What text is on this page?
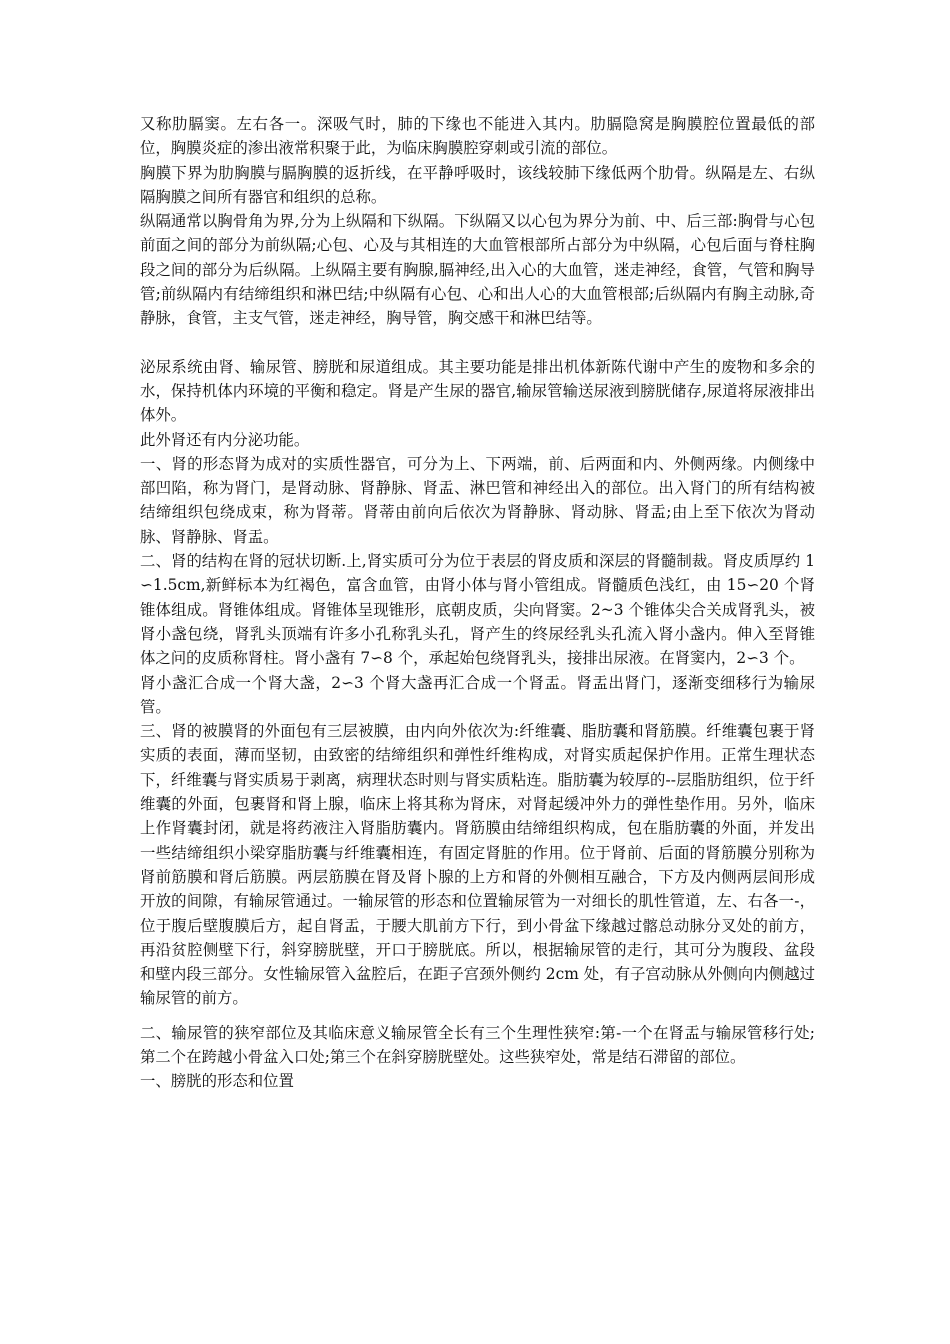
又称肋膈窦。左右各一。深吸气时，肺的下缘也不能进入其内。肋膈隐窝是胸膜腔位置最低的部位，胸膜炎症的渗出液常积聚于此，为临床胸膜腔穿刺或引流的部位。

胸膜下界为肋胸膜与膈胸膜的返折线，在平静呼吸时，该线较肺下缘低两个肋骨。纵隔是左、右纵隔胸膜之间所有器官和组织的总称。

纵隔通常以胸骨角为界,分为上纵隔和下纵隔。下纵隔又以心包为界分为前、中、后三部:胸骨与心包前面之间的部分为前纵隔;心包、心及与其相连的大血管根部所占部分为中纵隔，心包后面与脊柱胸段之间的部分为后纵隔。上纵隔主要有胸腺,膈神经,出入心的大血管，迷走神经，食管，气管和胸导管;前纵隔内有结缔组织和淋巴结;中纵隔有心包、心和出人心的大血管根部;后纵隔内有胸主动脉,奇静脉，食管，主支气管，迷走神经，胸导管，胸交感干和淋巴结等。

泌尿系统由肾、输尿管、膀胱和尿道组成。其主要功能是排出机体新陈代谢中产生的废物和多余的水，保持机体内环境的平衡和稳定。肾是产生尿的器官,输尿管输送尿液到膀胱储存,尿道将尿液排出体外。

此外肾还有内分泌功能。

一、肾的形态肾为成对的实质性器官，可分为上、下两端，前、后两面和内、外侧两缘。内侧缘中部凹陷，称为肾门，是肾动脉、肾静脉、肾盂、淋巴管和神经出入的部位。出入肾门的所有结构被结缔组织包绕成束，称为肾蒂。肾蒂由前向后依次为肾静脉、肾动脉、肾盂;由上至下依次为肾动脉、肾静脉、肾盂。

二、肾的结构在肾的冠状切断.上,肾实质可分为位于表层的肾皮质和深层的肾髓制裁。肾皮质厚约 1∽1.5cm,新鲜标本为红褐色，富含血管，由肾小体与肾小管组成。肾髓质色浅红，由 15∽20 个肾锥体组成。肾锥体组成。肾锥体呈现锥形，底朝皮质，尖向肾窦。2~3 个锥体尖合关成肾乳头，被肾小盏包绕，肾乳头顶端有许多小孔称乳头孔，肾产生的终尿经乳头孔流入肾小盏内。伸入至肾锥体之问的皮质称肾柱。肾小盏有 7∽8 个，承起始包绕肾乳头，接排出尿液。在肾窦内，2∽3 个。

肾小盏汇合成一个肾大盏，2∽3 个肾大盏再汇合成一个肾盂。肾盂出肾门，逐渐变细移行为输尿管。

三、肾的被膜肾的外面包有三层被膜，由内向外依次为:纤维囊、脂肪囊和肾筋膜。纤维囊包裹于肾实质的表面，薄而坚韧，由致密的结缔组织和弹性纤维构成，对肾实质起保护作用。正常生理状态下，纤维囊与肾实质易于剥离，病理状态时则与肾实质粘连。脂肪囊为较厚的--层脂肪组织，位于纤维囊的外面，包裹肾和肾上腺，临床上将其称为肾床，对肾起缓冲外力的弹性垫作用。另外，临床上作肾囊封闭，就是将药液注入肾脂肪囊内。肾筋膜由结缔组织构成，包在脂肪囊的外面，并发出一些结缔组织小梁穿脂肪囊与纤维囊相连，有固定肾脏的作用。位于肾前、后面的肾筋膜分别称为肾前筋膜和肾后筋膜。两层筋膜在肾及肾卜腺的上方和肾的外侧相互融合，下方及内侧两层间形成开放的间隙，有输尿管通过。一输尿管的形态和位置输尿管为一对细长的肌性管道，左、右各一-，位于腹后壁腹膜后方，起自肾盂，于腰大肌前方下行，到小骨盆下缘越过髂总动脉分叉处的前方，再沿贫腔侧壁下行，斜穿膀胱壁，开口于膀胱底。所以，根据输尿管的走行，其可分为腹段、盆段和壁内段三部分。女性输尿管入盆腔后，在距子宫颈外侧约 2cm 处，有子宫动脉从外侧向内侧越过输尿管的前方。

二、输尿管的狭窄部位及其临床意义输尿管全长有三个生理性狭窄:第-一个在肾盂与输尿管移行处;第二个在跨越小骨盆入口处;第三个在斜穿膀胱壁处。这些狭窄处，常是结石滞留的部位。

一、膀胱的形态和位置
